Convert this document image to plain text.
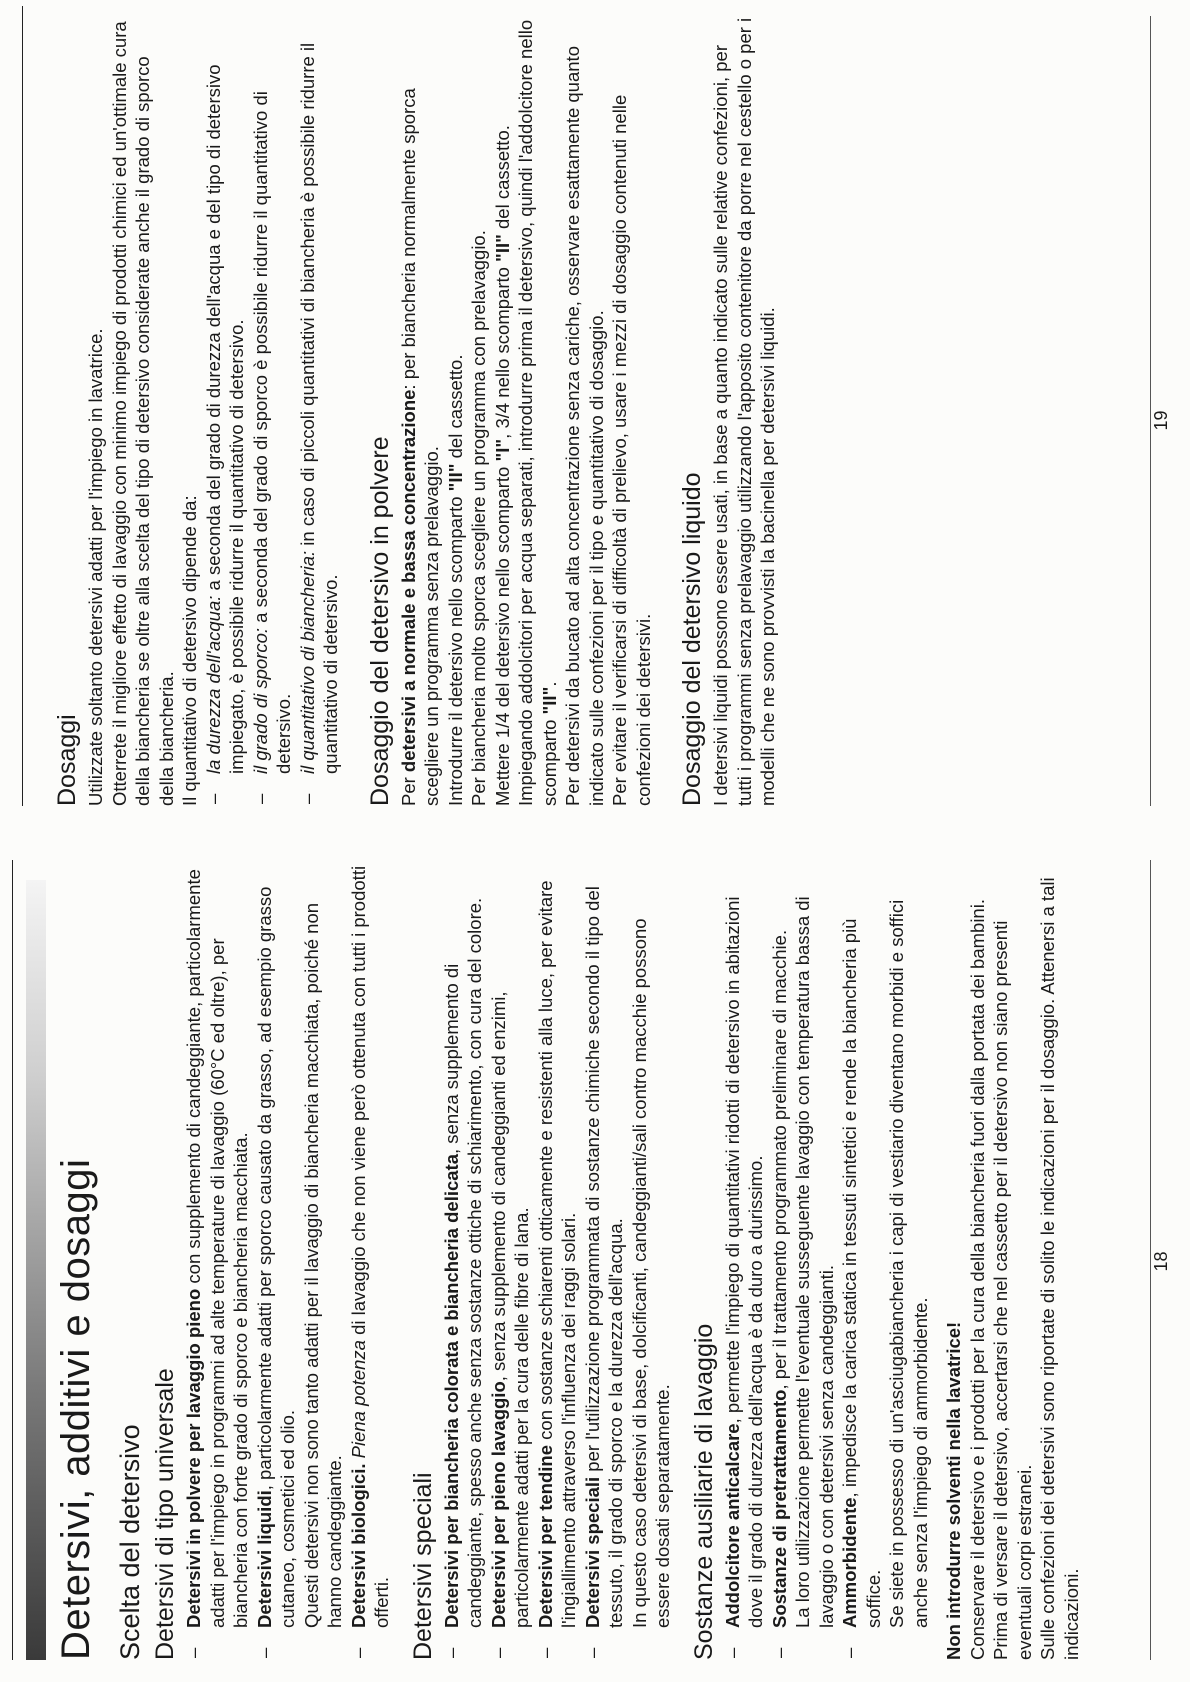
Detersivi, additivi e dosaggi Scelta del detersivo Detersivi di tipo universale –
Detersivi in polvere per lavaggio pieno con supplemento di candeggiante, particolarmente adatti per l'impiego in programmi ad alte temperature di lavaggio (60°C ed oltre), per biancheria con forte grado di sporco e biancheria macchiata.
–
Detersivi liquidi, particolarmente adatti per sporco causato da grasso, ad esempio grasso cutaneo, cosmetici ed olio. Questi detersivi non sono tanto adatti per il lavaggio di biancheria macchiata, poiché non hanno candeggiante.
–
Detersivi biologici. Piena potenza di lavaggio che non viene però ottenuta con tutti i prodotti offerti. Detersivi speciali –
Detersivi per biancheria colorata e biancheria delicata, senza supplemento di candeggiante, spesso anche senza sostanze ottiche di schiarimento, con cura del colore.
–
Detersivi per pieno lavaggio, senza supplemento di candeggianti ed enzimi, particolarmente adatti per la cura delle fibre di lana.
–
Detersivi per tendine con sostanze schiarenti otticamente e resistenti alla luce, per evitare l'ingiallimento attraverso l'influenza dei raggi solari.
–
Detersivi speciali per l'utilizzazione programmata di sostanze chimiche secondo il tipo del tessuto, il grado di sporco e la durezza dell'acqua. In questo caso detersivi di base, dolcificanti, candeggianti/sali contro macchie possono essere dosati separatamente. Sostanze ausiliarie di lavaggio –
Addolcitore anticalcare, permette l'impiego di quantitativi ridotti di detersivo in abitazioni dove il grado di durezza dell'acqua è da duro a durissimo.
–
Sostanze di pretrattamento, per il trattamento programmato preliminare di macchie. La loro utilizzazione permette l'eventuale susseguente lavaggio con temperatura bassa di lavaggio o con detersivi senza candeggianti.
–
Ammorbidente, impedisce la carica statica in tessuti sintetici e rende la biancheria più soffice. Se siete in possesso di un'asciugabiancheria i capi di vestiario diventano morbidi e soffici anche senza l'impiego di ammorbidente. Non introdurre solventi nella lavatrice! Conservare il detersivo e i prodotti per la cura della biancheria fuori dalla portata dei bambini. Prima di versare il detersivo, accertarsi che nel cassetto per il detersivo non siano presenti eventuali corpi estranei. Sulle confezioni dei detersivi sono riportate di solito le indicazioni per il dosaggio. Attenersi a tali indicazioni.

18
Dosaggi Utilizzate soltanto detersivi adatti per l'impiego in lavatrice. Otterrete il migliore effetto di lavaggio con minimo impiego di prodotti chimici ed un'ottimale cura della biancheria se oltre alla scelta del tipo di detersivo considerate anche il grado di sporco della biancheria. Il quantitativo di detersivo dipende da: –
la durezza dell'acqua: a seconda del grado di durezza dell'acqua e del tipo di detersivo impiegato, è possibile ridurre il quantitativo di detersivo.
–
il grado di sporco: a seconda del grado di sporco è possibile ridurre il quantitativo di detersivo.
–
il quantitativo di biancheria: in caso di piccoli quantitativi di biancheria è possibile ridurre il quantitativo di detersivo. Dosaggio del detersivo in polvere Per detersivi a normale e bassa concentrazione: per biancheria normalmente sporca scegliere un programma senza prelavaggio. Introdurre il detersivo nello scomparto "II" del cassetto. Per biancheria molto sporca scegliere un programma con prelavaggio. Mettere 1/4 del detersivo nello scomparto "I", 3/4 nello scomparto "II" del cassetto. Impiegando addolcitori per acqua separati, introdurre prima il detersivo, quindi l'addolcitore nello scomparto "II". Per detersivi da bucato ad alta concentrazione senza cariche, osservare esattamente quanto indicato sulle confezioni per il tipo e quantitativo di dosaggio. Per evitare il verificarsi di difficoltà di prelievo, usare i mezzi di dosaggio contenuti nelle confezioni dei detersivi. Dosaggio del detersivo liquido I detersivi liquidi possono essere usati, in base a quanto indicato sulle relative confezioni, per tutti i programmi senza prelavaggio utilizzando l'apposito contenitore da porre nel cestello o per i modelli che ne sono provvisti la bacinella per detersivi liquidi.	19
